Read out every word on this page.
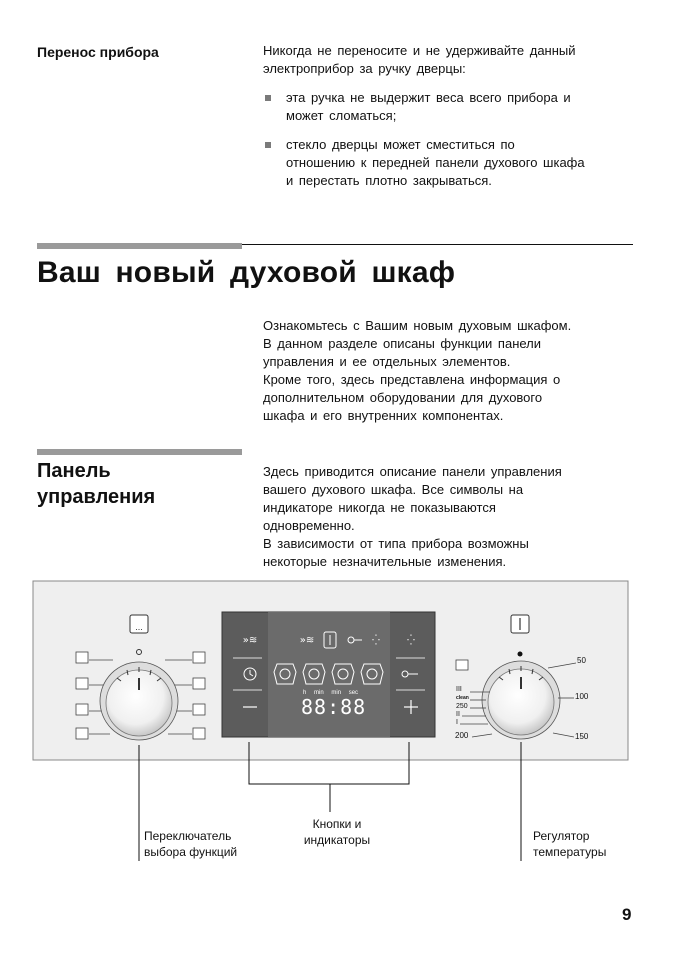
Перенос прибора	Никогда не переносите и не удерживайте данный
электроприбор за ручку дверцы:
эта ручка не выдержит веса всего прибора и
может сломаться;
стекло дверцы может сместиться по
отношению к передней панели духового шкафа
и перестать плотно закрываться.
Ваш новый духовой шкаф
Ознакомьтесь с Вашим новым духовым шкафом.
В данном разделе описаны функции панели
управления и ее отдельных элементов.
Кроме того, здесь представлена информация о
дополнительном оборудовании для духового
шкафа и его внутренних компонентах.
Панель
управления
Здесь приводится описание панели управления
вашего духового шкафа. Все символы на
индикаторе никогда не показываются
одновременно.
В зависимости от типа прибора возможны
некоторые незначительные изменения.
...
»≋	⁛
»≋	⁛
h min min sec
88:88
50
100
150
200
250
clean
I
II
III
Переключатель
выбора функций
Кнопки и
индикаторы	Регулятор
температуры
9
